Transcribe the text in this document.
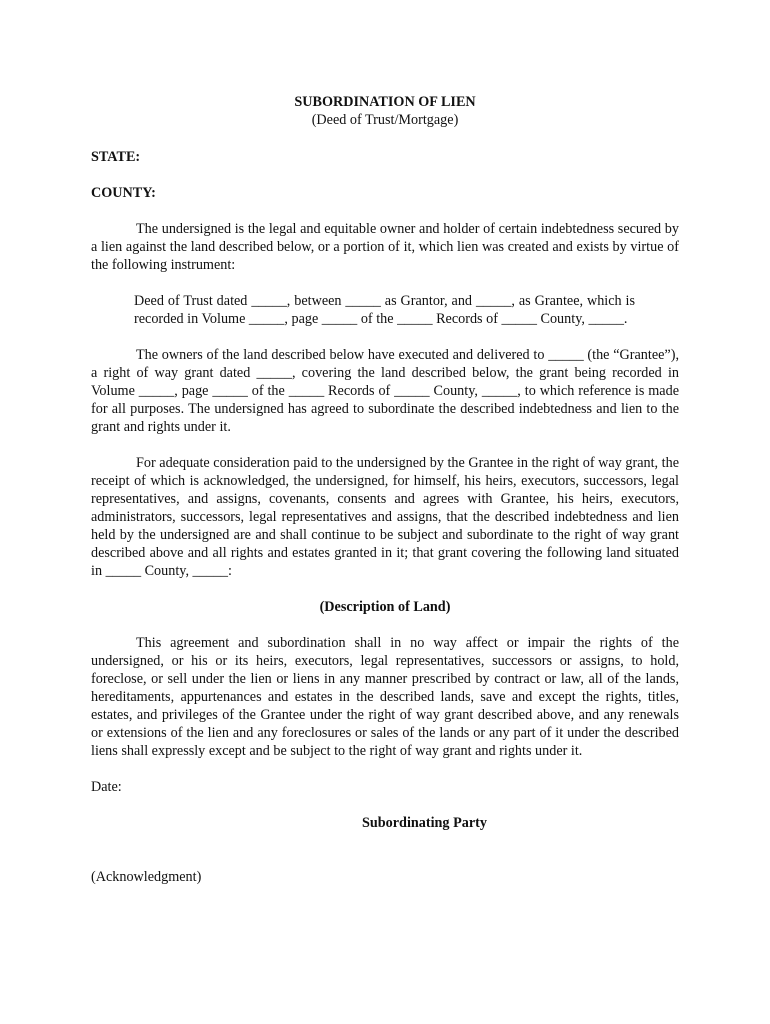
SUBORDINATION OF LIEN
(Deed of Trust/Mortgage)
STATE:
COUNTY:

The undersigned is the legal and equitable owner and holder of certain indebtedness secured by a lien against the land described below, or a portion of it, which lien was created and exists by virtue of the following instrument:

Deed of Trust dated _____, between _____ as Grantor, and _____, as Grantee, which is recorded in Volume _____, page _____ of the _____ Records of _____ County, _____.

The owners of the land described below have executed and delivered to _____ (the “Grantee”), a right of way grant dated _____, covering the land described below, the grant being recorded in Volume _____, page _____ of the _____ Records of _____ County, _____, to which reference is made for all purposes. The undersigned has agreed to subordinate the described indebtedness and lien to the grant and rights under it.

For adequate consideration paid to the undersigned by the Grantee in the right of way grant, the receipt of which is acknowledged, the undersigned, for himself, his heirs, executors, successors, legal representatives, and assigns, covenants, consents and agrees with Grantee, his heirs, executors, administrators, successors, legal representatives and assigns, that the described indebtedness and lien held by the undersigned are and shall continue to be subject and subordinate to the right of way grant described above and all rights and estates granted in it; that grant covering the following land situated in _____ County, _____:

(Description of Land)

This agreement and subordination shall in no way affect or impair the rights of the undersigned, or his or its heirs, executors, legal representatives, successors or assigns, to hold, foreclose, or sell under the lien or liens in any manner prescribed by contract or law, all of the lands, hereditaments, appurtenances and estates in the described lands, save and except the rights, titles, estates, and privileges of the Grantee under the right of way grant described above, and any renewals or extensions of the lien and any foreclosures or sales of the lands or any part of it under the described liens shall expressly except and be subject to the right of way grant and rights under it.

Date:
Subordinating Party
(Acknowledgment)
